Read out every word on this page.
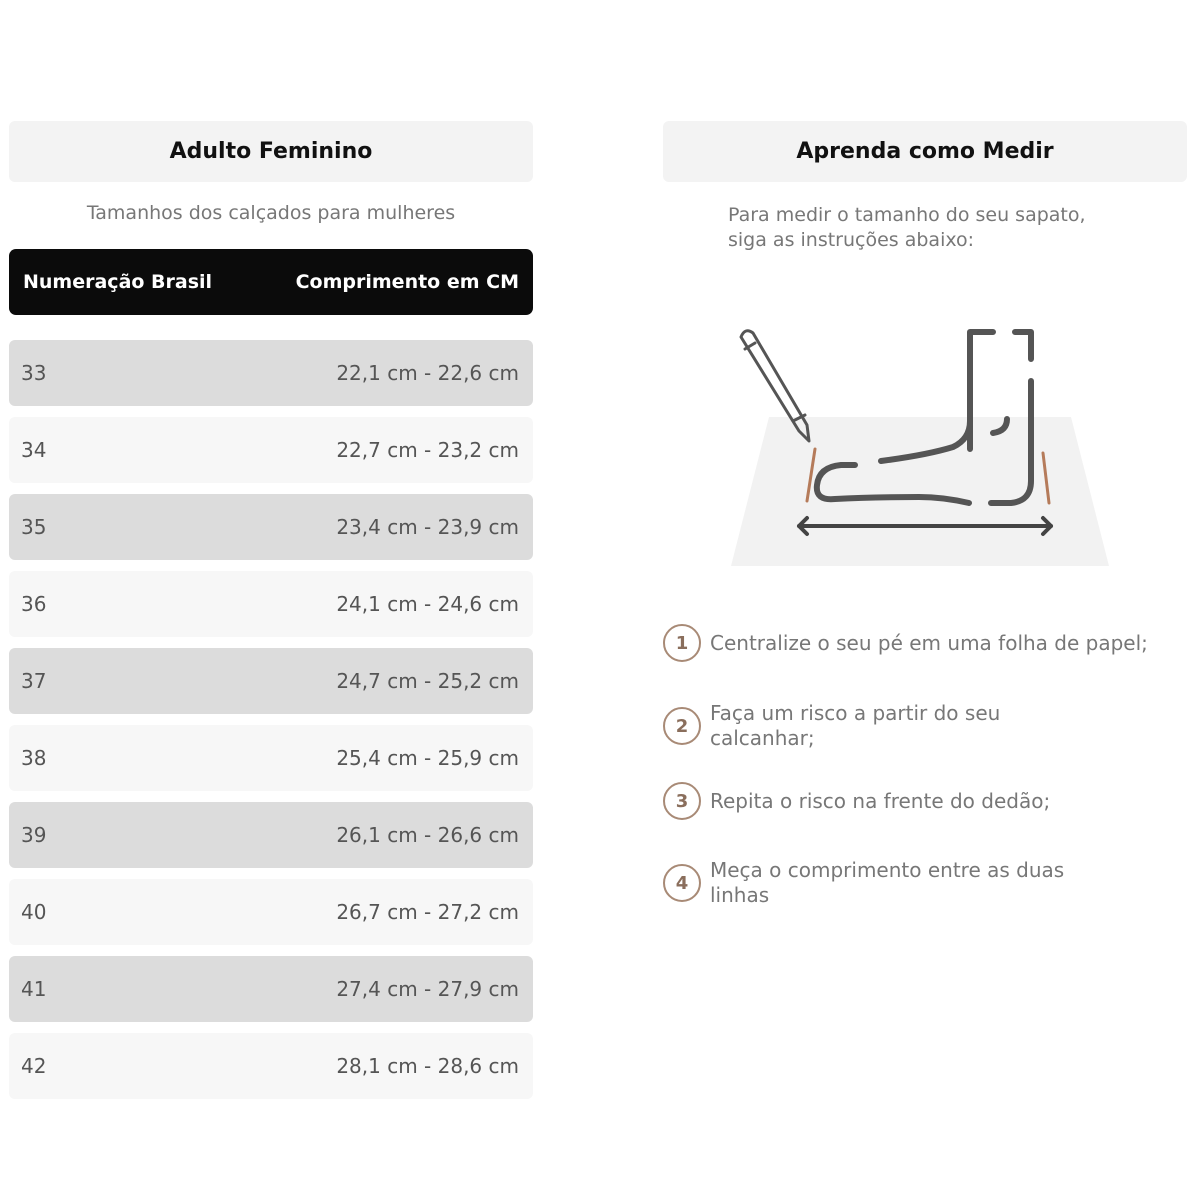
Adulto Feminino
Tamanhos dos calçados para mulheres
Numeração Brasil	Comprimento em CM
33	22,1 cm - 22,6 cm
34	22,7 cm - 23,2 cm
35	23,4 cm - 23,9 cm
36	24,1 cm - 24,6 cm
37	24,7 cm - 25,2 cm
38	25,4 cm - 25,9 cm
39	26,1 cm - 26,6 cm
40	26,7 cm - 27,2 cm
41	27,4 cm - 27,9 cm
42	28,1 cm - 28,6 cm
Aprenda como Medir
Para medir o tamanho do seu sapato,
siga as instruções abaixo:
1	Centralize o seu pé em uma folha de papel;
2
Faça um risco a partir do seu calcanhar;
3	Repita o risco na frente do dedão;
4
Meça o comprimento entre as duas linhas
